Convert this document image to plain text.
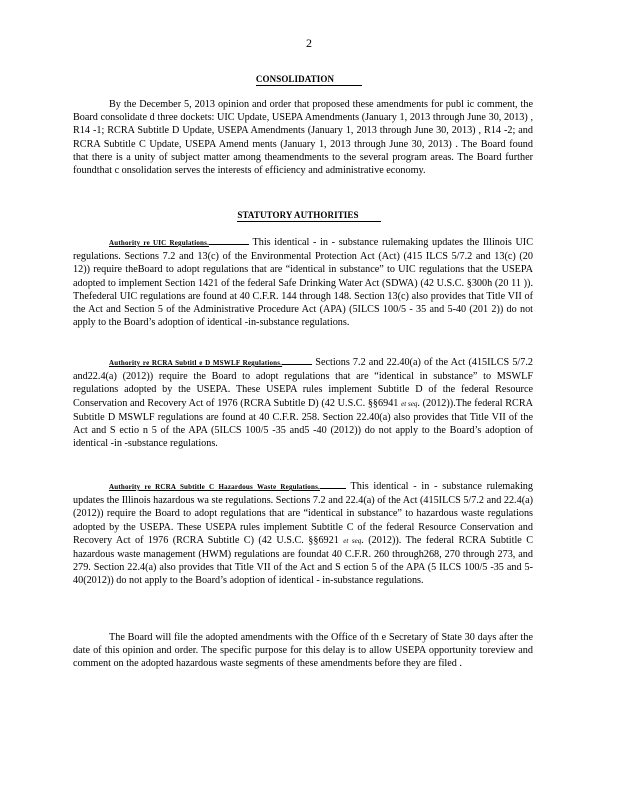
2
CONSOLIDATION

By the December 5, 2013 opinion and order that proposed these amendments for publ ic comment, the Board consolidate d three dockets: UIC Update, USEPA Amendments (January 1, 2013 through June 30, 2013) , R14 -1; RCRA Subtitle D Update, USEPA Amendments (January 1, 2013 through June 30, 2013) , R14 -2; and RCRA Subtitle C Update, USEPA Amend ments (January 1, 2013 through June 30, 2013) . The Board found that there is a unity of subject matter among theamendments to the several program areas. The Board further foundthat c onsolidation serves the interests of efficiency and administrative economy.

STATUTORY AUTHORITIES

Authority re UIC Regulations.	This identical - in - substance rulemaking updates the Illinois UIC regulations. Sections 7.2 and 13(c) of the Environmental Protection Act (Act) (415 ILCS 5/7.2 and 13(c) (20 12)) require theBoard to adopt regulations that are “identical in substance” to UIC regulations that the USEPA adopted to implement Section 1421 of the federal Safe Drinking Water Act (SDWA) (42 U.S.C. §300h (20 11 )). Thefederal UIC regulations are found at 40 C.F.R. 144 through 148. Section 13(c) also provides that Title VII of the Act and Section 5 of the Administrative Procedure Act (APA) (5ILCS 100/5 - 35 and 5-40 (201 2)) do not apply to the Board’s adoption of identical -in-substance regulations.

Authority re RCRA Subtitl e D MSWLF Regulations.	Sections 7.2 and 22.40(a) of the Act (415ILCS 5/7.2 and22.4(a) (2012)) require the Board to adopt regulations that are “identical in substance” to MSWLF regulations adopted by the USEPA. These USEPA rules implement Subtitle D of the federal Resource Conservation and Recovery Act of 1976 (RCRA Subtitle D) (42 U.S.C. §§6941 et seq. (2012)).The federal RCRA Subtitle D MSWLF regulations are found at 40 C.F.R. 258. Section 22.40(a) also provides that Title VII of the Act and S ectio n 5 of the APA (5ILCS 100/5 -35 and5 -40 (2012)) do not apply to the Board’s adoption of identical -in -substance regulations.

Authority re RCRA Subtitle C Hazardous Waste Regulations.	This identical - in - substance rulemaking updates the Illinois hazardous wa ste regulations. Sections 7.2 and 22.4(a) of the Act (415ILCS 5/7.2 and 22.4(a) (2012)) require the Board to adopt regulations that are “identical in substance” to hazardous waste regulations adopted by the USEPA. These USEPA rules implement Subtitle C of the federal Resource Conservation and Recovery Act of 1976 (RCRA Subtitle C) (42 U.S.C. §§6921 et seq. (2012)). The federal RCRA Subtitle C hazardous waste management (HWM) regulations are foundat 40 C.F.R. 260 through268, 270 through 273, and 279. Section 22.4(a) also provides that Title VII of the Act and S ection 5 of the APA (5 ILCS 100/5 -35 and 5-40(2012)) do not apply to the Board’s adoption of identical - in-substance regulations.

The Board will file the adopted amendments with the Office of th e Secretary of State 30 days after the date of this opinion and order. The specific purpose for this delay is to allow USEPA opportunity toreview and comment on the adopted hazardous waste segments of these amendments before they are filed .
